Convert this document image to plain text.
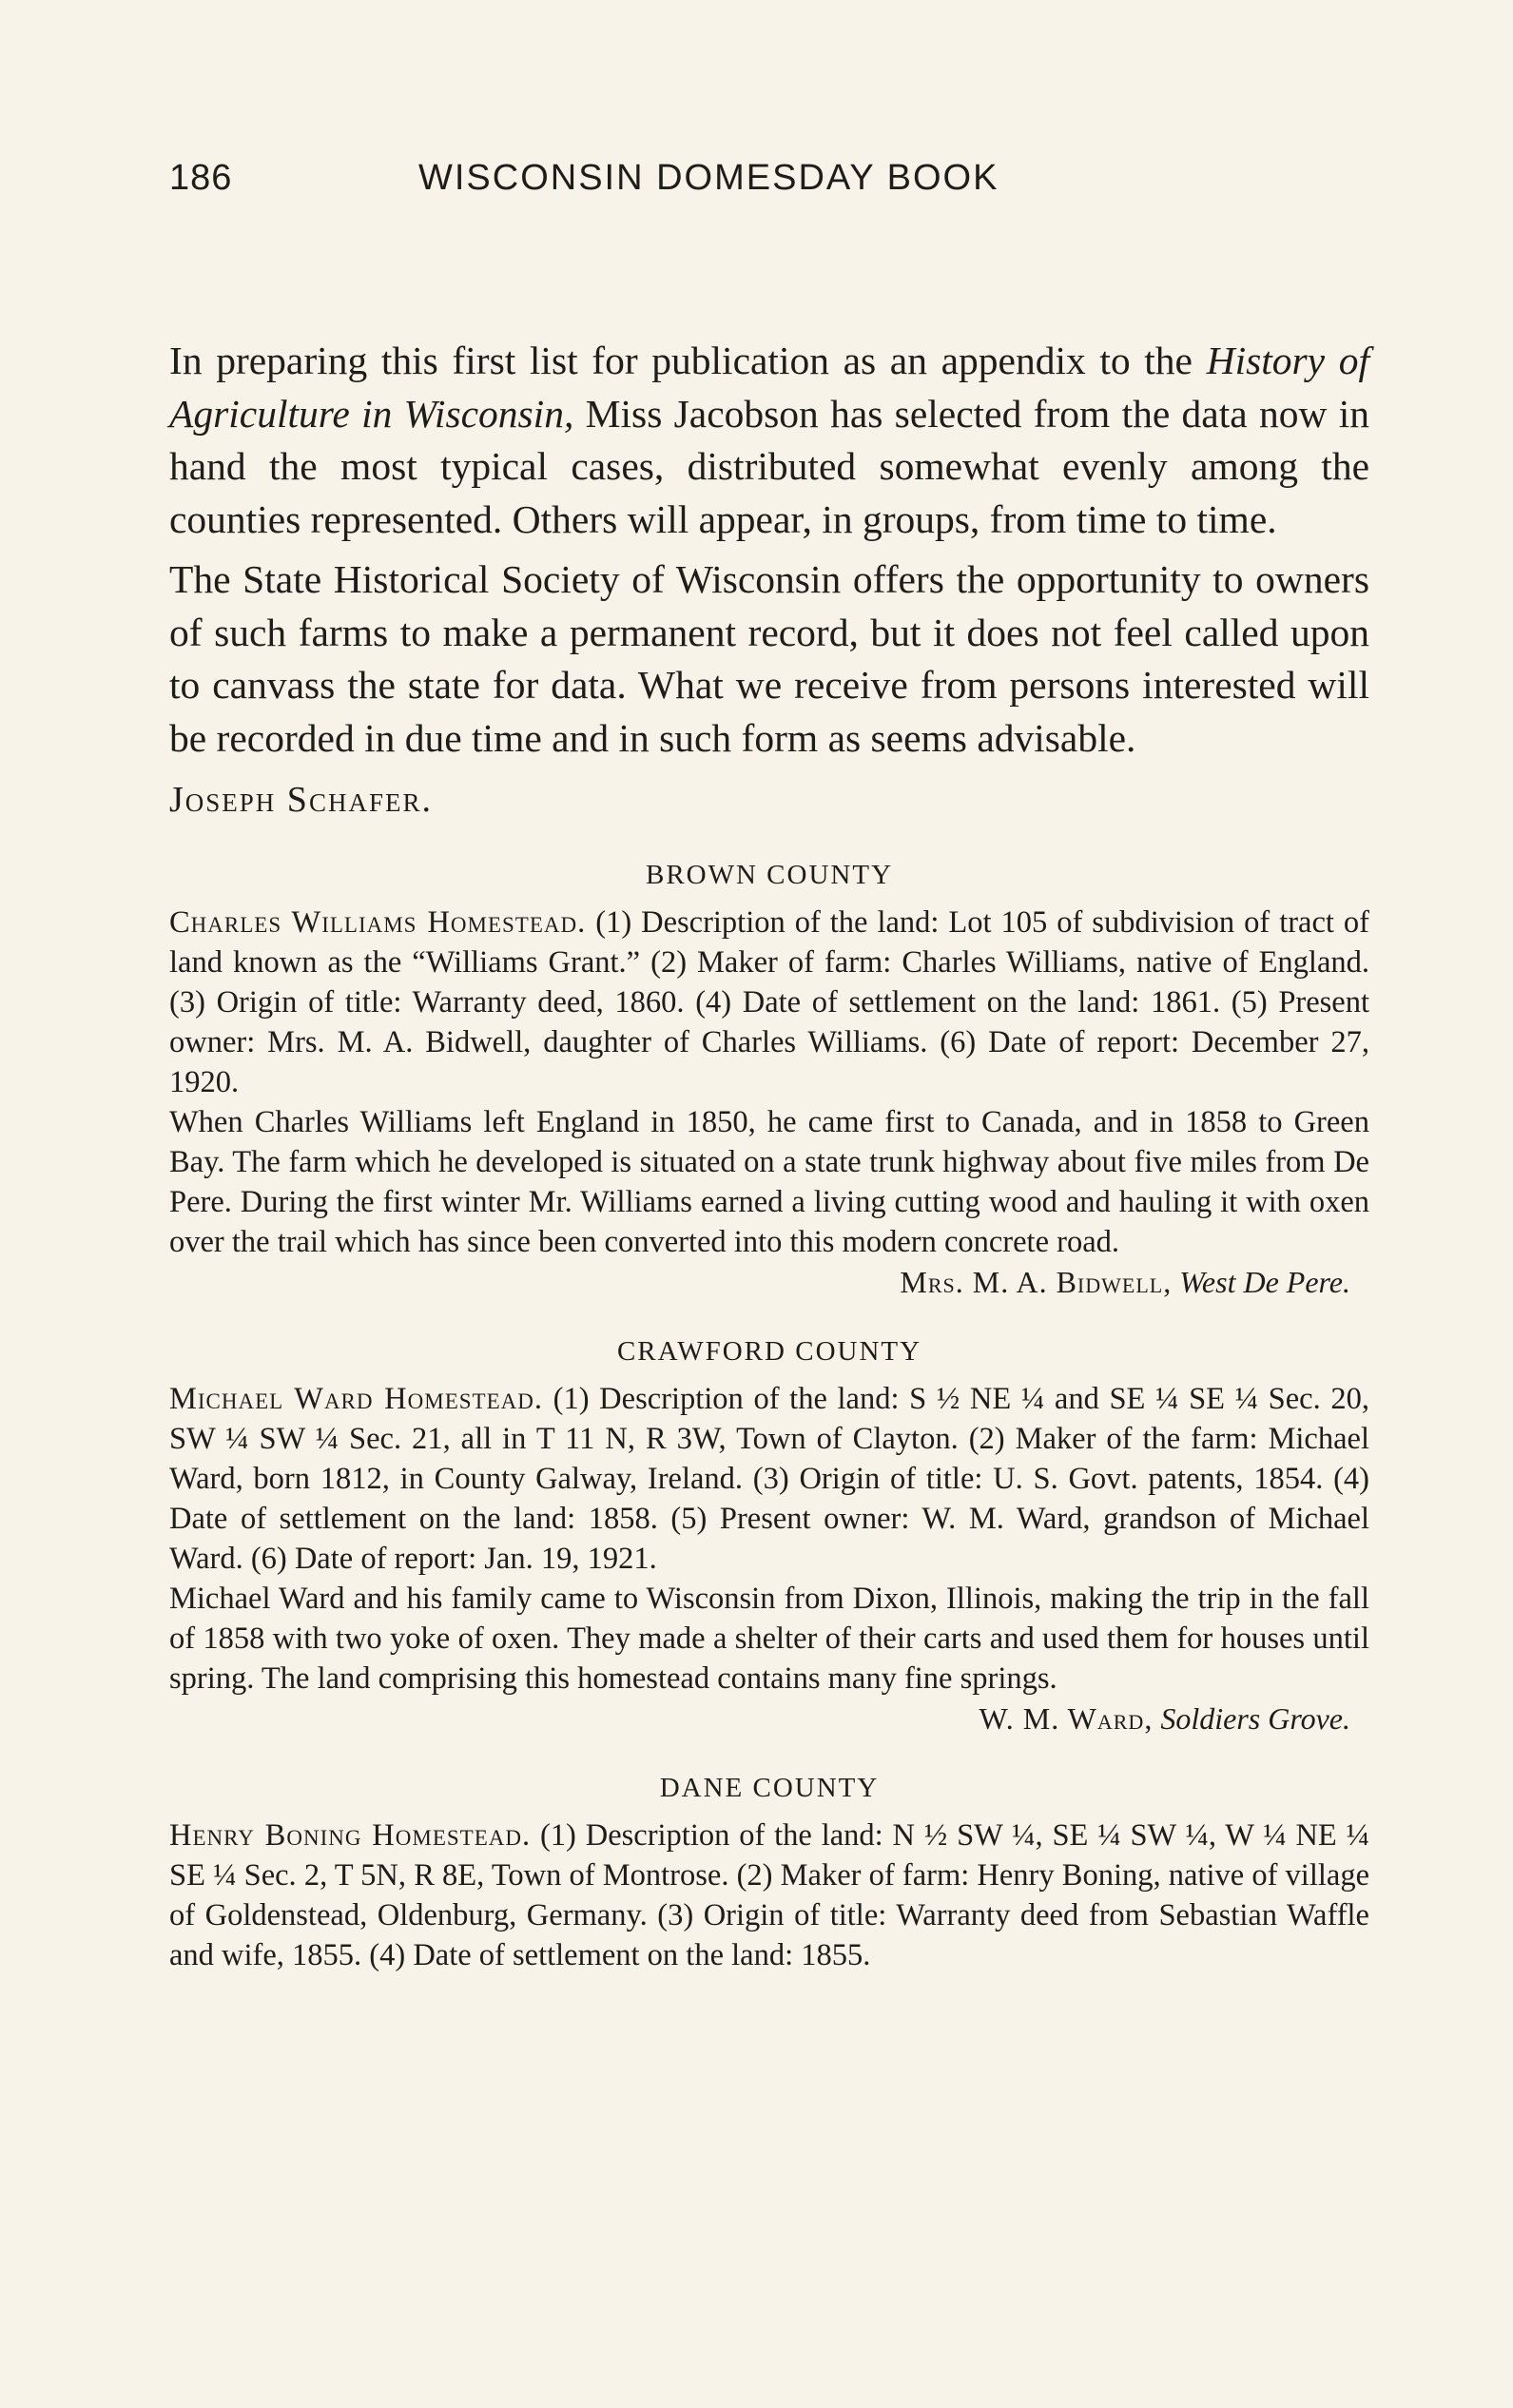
186	WISCONSIN DOMESDAY BOOK

In preparing this first list for publication as an appendix to the History of Agriculture in Wisconsin, Miss Jacobson has selected from the data now in hand the most typical cases, distributed somewhat evenly among the counties represented. Others will appear, in groups, from time to time.

The State Historical Society of Wisconsin offers the opportunity to owners of such farms to make a permanent record, but it does not feel called upon to canvass the state for data. What we receive from persons interested will be recorded in due time and in such form as seems advisable.

Joseph Schafer.
BROWN COUNTY

Charles Williams Homestead. (1) Description of the land: Lot 105 of subdivision of tract of land known as the “Williams Grant.” (2) Maker of farm: Charles Williams, native of England. (3) Origin of title: Warranty deed, 1860. (4) Date of settlement on the land: 1861. (5) Present owner: Mrs. M. A. Bidwell, daughter of Charles Williams. (6) Date of report: December 27, 1920.

When Charles Williams left England in 1850, he came first to Canada, and in 1858 to Green Bay. The farm which he developed is situated on a state trunk highway about five miles from De Pere. During the first winter Mr. Williams earned a living cutting wood and hauling it with oxen over the trail which has since been converted into this modern concrete road.

Mrs. M. A. Bidwell, West De Pere.
CRAWFORD COUNTY

Michael Ward Homestead. (1) Description of the land: S ½ NE ¼ and SE ¼ SE ¼ Sec. 20, SW ¼ SW ¼ Sec. 21, all in T 11 N, R 3W, Town of Clayton. (2) Maker of the farm: Michael Ward, born 1812, in County Galway, Ireland. (3) Origin of title: U. S. Govt. patents, 1854. (4) Date of settlement on the land: 1858. (5) Present owner: W. M. Ward, grandson of Michael Ward. (6) Date of report: Jan. 19, 1921.

Michael Ward and his family came to Wisconsin from Dixon, Illinois, making the trip in the fall of 1858 with two yoke of oxen. They made a shelter of their carts and used them for houses until spring. The land comprising this homestead contains many fine springs.

W. M. Ward, Soldiers Grove.
DANE COUNTY

Henry Boning Homestead. (1) Description of the land: N ½ SW ¼, SE ¼ SW ¼, W ¼ NE ¼ SE ¼ Sec. 2, T 5N, R 8E, Town of Montrose. (2) Maker of farm: Henry Boning, native of village of Goldenstead, Oldenburg, Germany. (3) Origin of title: Warranty deed from Sebastian Waffle and wife, 1855. (4) Date of settlement on the land: 1855.
